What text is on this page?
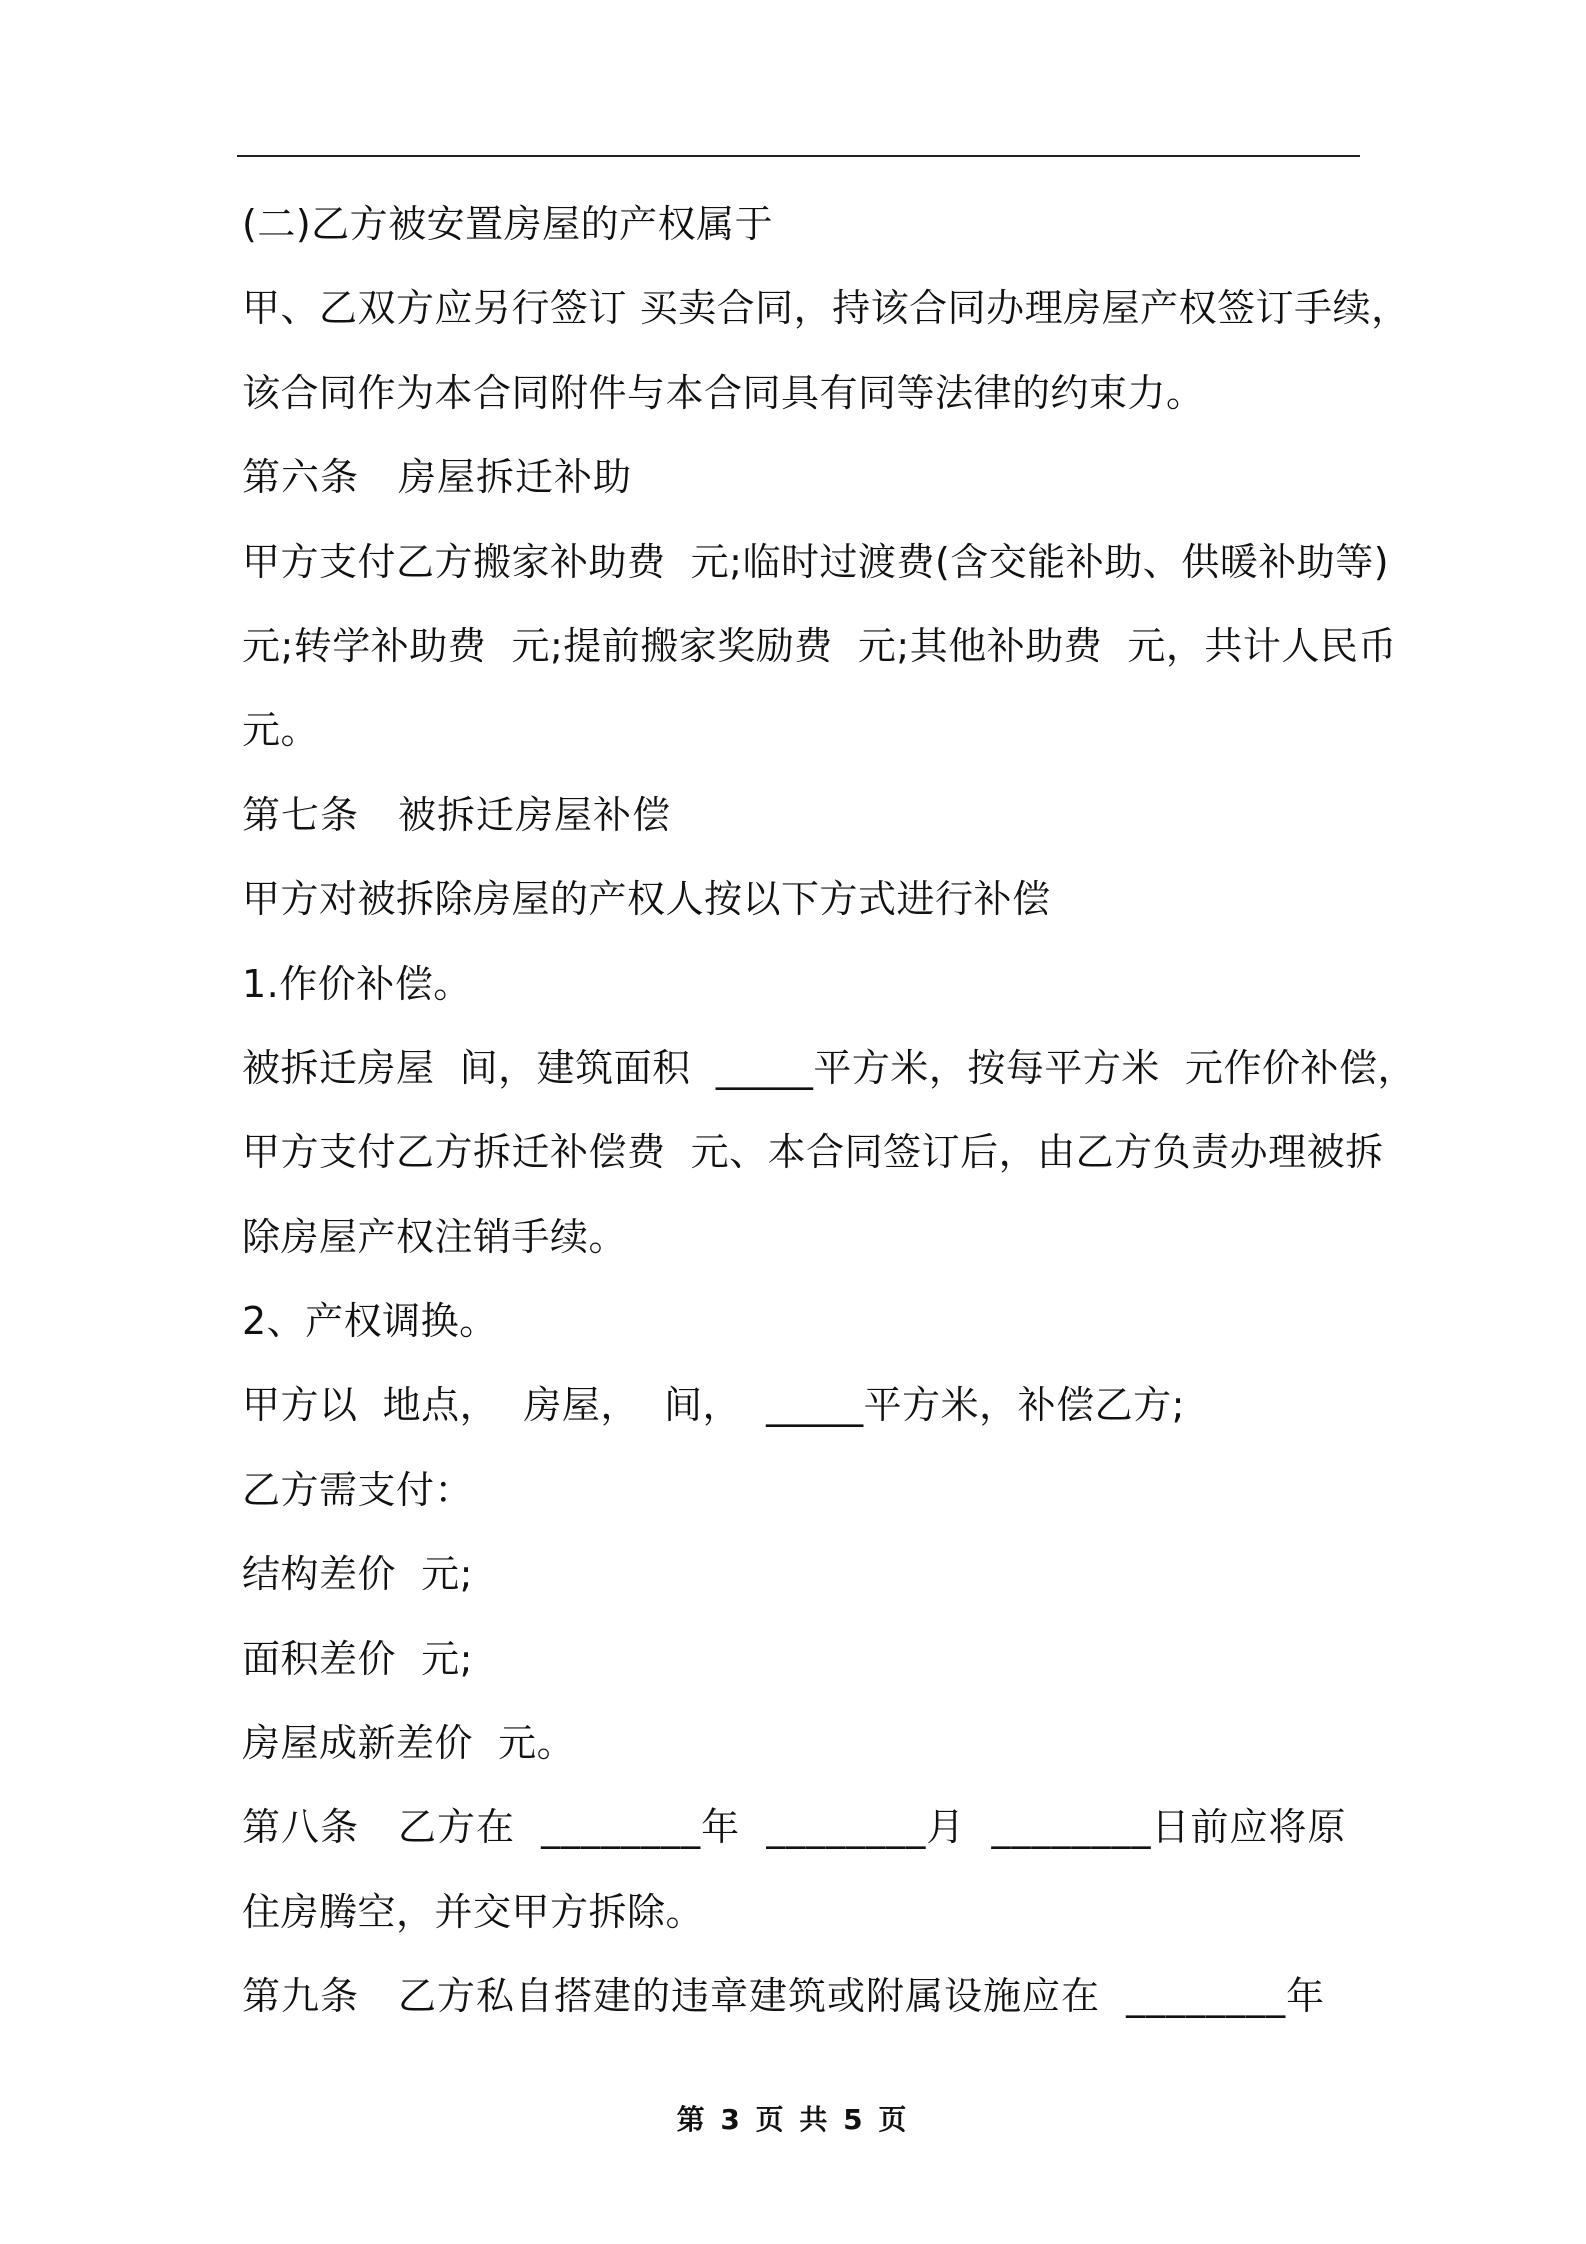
(二)乙方被安置房屋的产权属于
甲、乙双方应另行签订 买卖合同，持该合同办理房屋产权签订手续，
该合同作为本合同附件与本合同具有同等法律的约束力。
第六条　房屋拆迁补助
甲方支付乙方搬家补助费  元;临时过渡费(含交能补助、供暖补助等)
元;转学补助费  元;提前搬家奖励费  元;其他补助费  元，共计人民币
元。
第七条　被拆迁房屋补偿
甲方对被拆除房屋的产权人按以下方式进行补偿
1.作价补偿。
被拆迁房屋  间，建筑面积  _____平方米，按每平方米  元作价补偿，
甲方支付乙方拆迁补偿费  元、本合同签订后，由乙方负责办理被拆
除房屋产权注销手续。
2、产权调换。
甲方以  地点，  房屋，  间，  _____平方米，补偿乙方;
乙方需支付：
结构差价  元;
面积差价  元;
房屋成新差价  元。
第八条　乙方在  ________年  ________月  ________日前应将原
住房腾空，并交甲方拆除。
第九条　乙方私自搭建的违章建筑或附属设施应在  ________年
第 3 页 共 5 页
